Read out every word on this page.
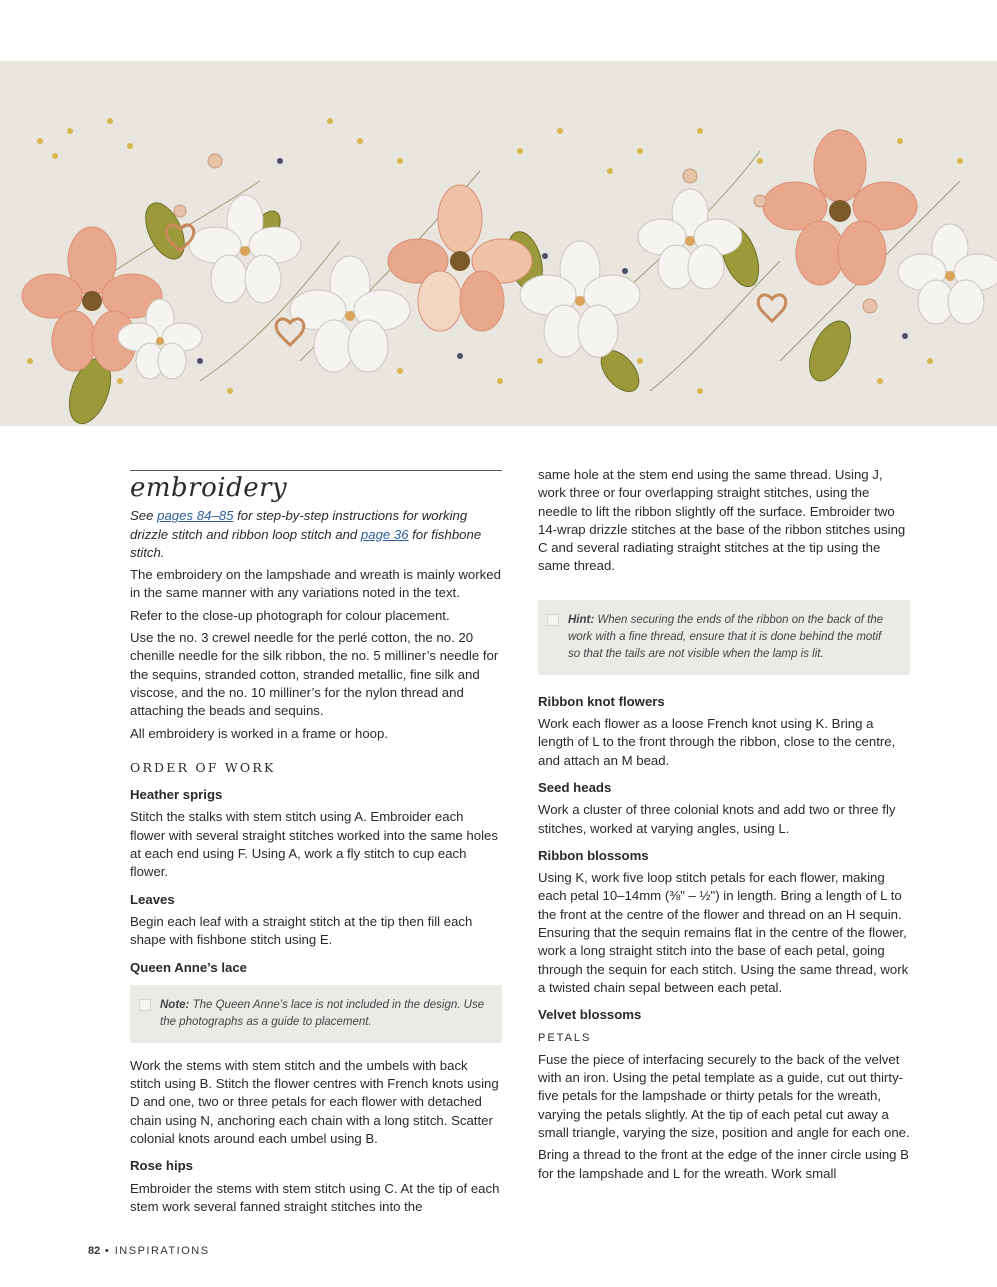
embroidery

See pages 84–85 for step-by-step instructions for working drizzle stitch and ribbon loop stitch and page 36 for fishbone stitch.

The embroidery on the lampshade and wreath is mainly worked in the same manner with any variations noted in the text.

Refer to the close-up photograph for colour placement.

Use the no. 3 crewel needle for the perlé cotton, the no. 20 chenille needle for the silk ribbon, the no. 5 milliner’s needle for the sequins, stranded cotton, stranded metallic, fine silk and viscose, and the no. 10 milliner’s for the nylon thread and attaching the beads and sequins.

All embroidery is worked in a frame or hoop.

ORDER OF WORK
Heather sprigs

Stitch the stalks with stem stitch using A. Embroider each flower with several straight stitches worked into the same holes at each end using F. Using A, work a fly stitch to cup each flower.

Leaves

Begin each leaf with a straight stitch at the tip then fill each shape with fishbone stitch using E.

Queen Anne’s lace
Note: The Queen Anne’s lace is not included in the design. Use the photographs as a guide to placement.

Work the stems with stem stitch and the umbels with back stitch using B. Stitch the flower centres with French knots using D and one, two or three petals for each flower with detached chain using N, anchoring each chain with a long stitch. Scatter colonial knots around each umbel using B.

Rose hips

Embroider the stems with stem stitch using C. At the tip of each stem work several fanned straight stitches into the

same hole at the stem end using the same thread. Using J, work three or four overlapping straight stitches, using the needle to lift the ribbon slightly off the surface. Embroider two 14-wrap drizzle stitches at the base of the ribbon stitches using C and several radiating straight stitches at the tip using the same thread.

Hint: When securing the ends of the ribbon on the back of the work with a fine thread, ensure that it is done behind the motif so that the tails are not visible when the lamp is lit.
Ribbon knot flowers

Work each flower as a loose French knot using K. Bring a length of L to the front through the ribbon, close to the centre, and attach an M bead.

Seed heads

Work a cluster of three colonial knots and add two or three fly stitches, worked at varying angles, using L.

Ribbon blossoms

Using K, work five loop stitch petals for each flower, making each petal 10–14mm (⅜" – ½") in length. Bring a length of L to the front at the centre of the flower and thread on an H sequin. Ensuring that the sequin remains flat in the centre of the flower, work a long straight stitch into the base of each petal, going through the sequin for each stitch. Using the same thread, work a twisted chain sepal between each petal.

Velvet blossoms
PETALS

Fuse the piece of interfacing securely to the back of the velvet with an iron. Using the petal template as a guide, cut out thirty-five petals for the lampshade or thirty petals for the wreath, varying the petals slightly. At the tip of each petal cut away a small triangle, varying the size, position and angle for each one.

Bring a thread to the front at the edge of the inner circle using B for the lampshade and L for the wreath. Work small

82 • INSPIRATIONS
